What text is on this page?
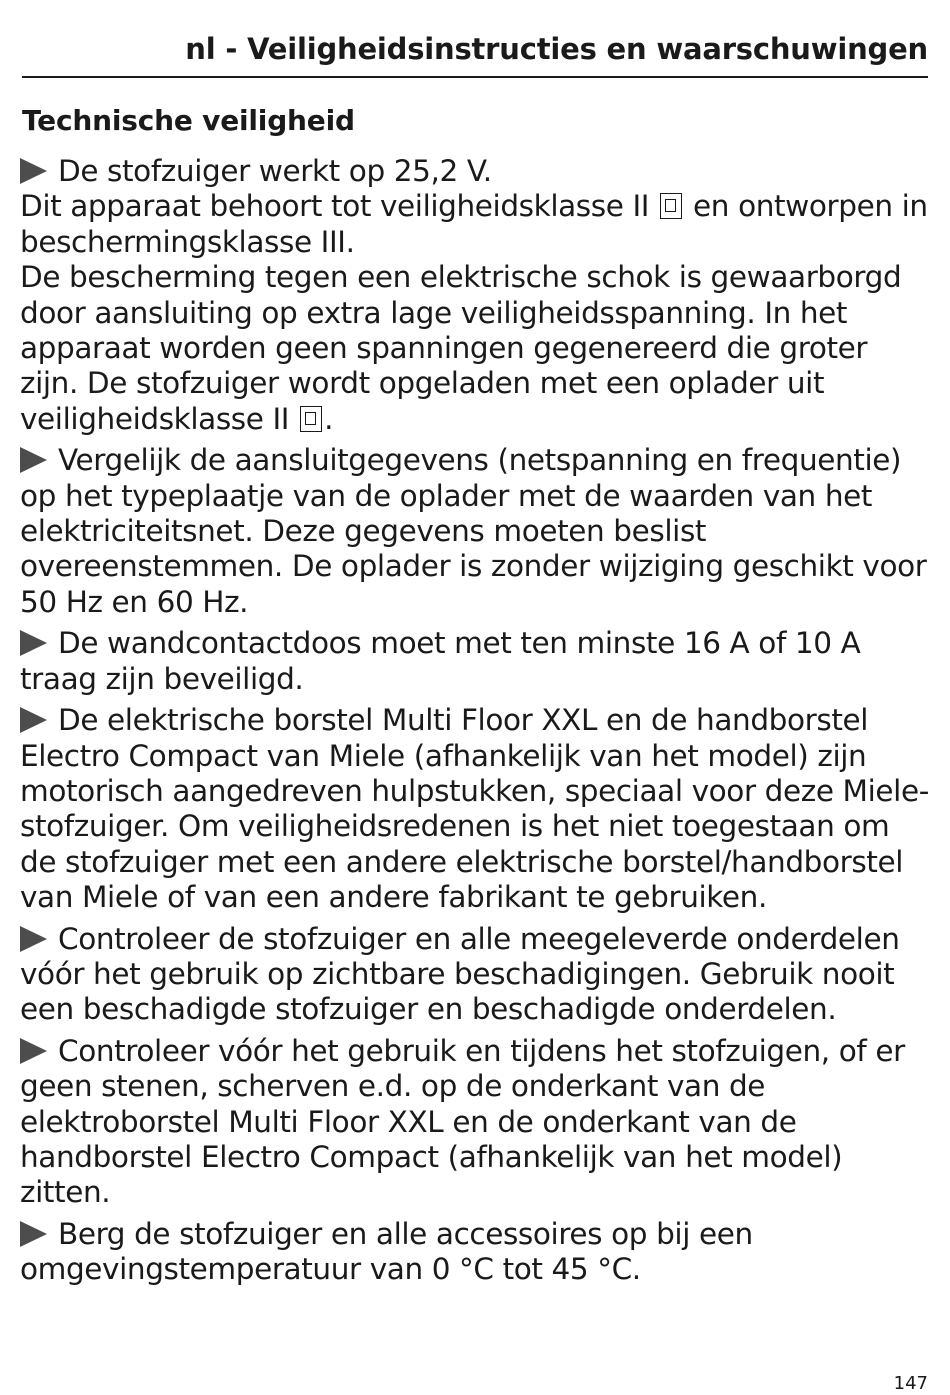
nl - Veiligheidsinstructies en waarschuwingen
Technische veiligheid

De stofzuiger werkt op 25,2 V.

Dit apparaat behoort tot veiligheidsklasse II en ontworpen in beschermingsklasse III.

De bescherming tegen een elektrische schok is gewaarborgd door aansluiting op extra lage veiligheidsspanning. In het apparaat worden geen spanningen gegenereerd die groter zijn. De stofzuiger wordt opgeladen met een oplader uit veiligheidsklasse II .

Vergelijk de aansluitgegevens (netspanning en frequentie) op het typeplaatje van de oplader met de waarden van het elektriciteitsnet. Deze gegevens moeten beslist overeenstemmen. De oplader is zonder wijziging geschikt voor 50 Hz en 60 Hz.

De wandcontactdoos moet met ten minste 16 A of 10 A traag zijn beveiligd.

De elektrische borstel Multi Floor XXL en de handborstel Electro Compact van Miele (afhankelijk van het model) zijn motorisch aangedreven hulpstukken, speciaal voor deze Miele-stofzuiger. Om veiligheidsredenen is het niet toegestaan om de stofzuiger met een andere elektrische borstel/handborstel van Miele of van een andere fabrikant te gebruiken.

Controleer de stofzuiger en alle meegeleverde onderdelen vóór het gebruik op zichtbare beschadigingen. Gebruik nooit een beschadigde stofzuiger en beschadigde onderdelen.

Controleer vóór het gebruik en tijdens het stofzuigen, of er geen stenen, scherven e.d. op de onderkant van de elektroborstel Multi Floor XXL en de onderkant van de handborstel Electro Compact (afhankelijk van het model) zitten.

Berg de stofzuiger en alle accessoires op bij een omgevingstemperatuur van 0 °C tot 45 °C.

147
